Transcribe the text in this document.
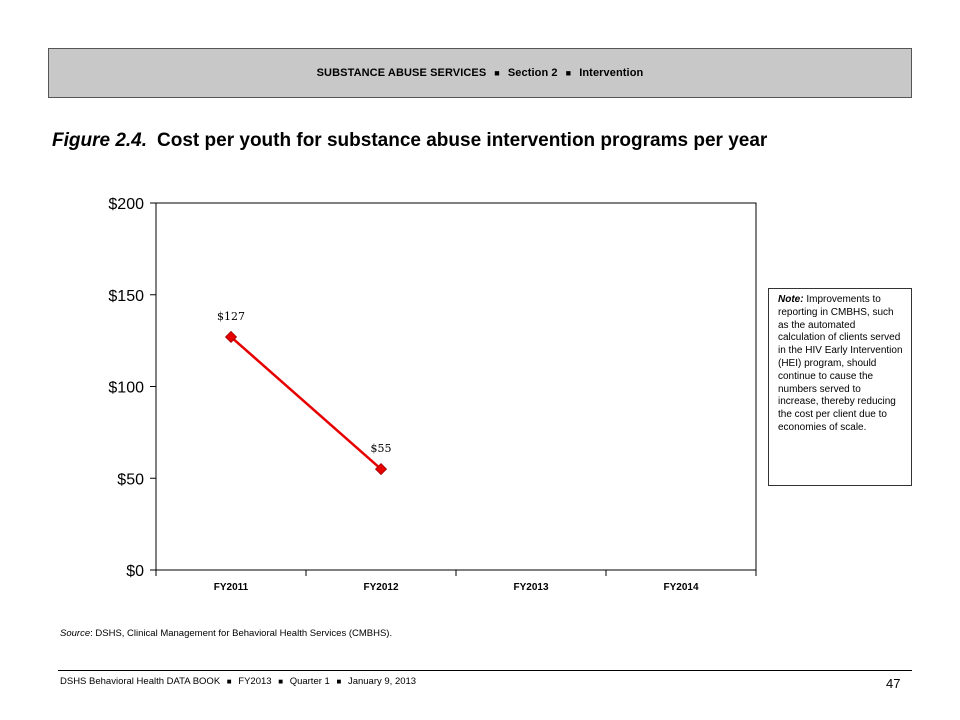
SUBSTANCE ABUSE SERVICES ■ Section 2 ■ Intervention
Figure 2.4. Cost per youth for substance abuse intervention programs per year
$0
$50
$100
$150
$200
FY2011	FY2012	FY2013	FY2014
$127
$55
Note: Improvements to reporting in CMBHS, such as the automated calculation of clients served in the HIV Early Intervention (HEI) program, should continue to cause the numbers served to increase, thereby reducing the cost per client due to economies of scale.
Source: DSHS, Clinical Management for Behavioral Health Services (CMBHS).
DSHS Behavioral Health DATA BOOK ■ FY2013 ■ Quarter 1 ■ January 9, 2013	47
